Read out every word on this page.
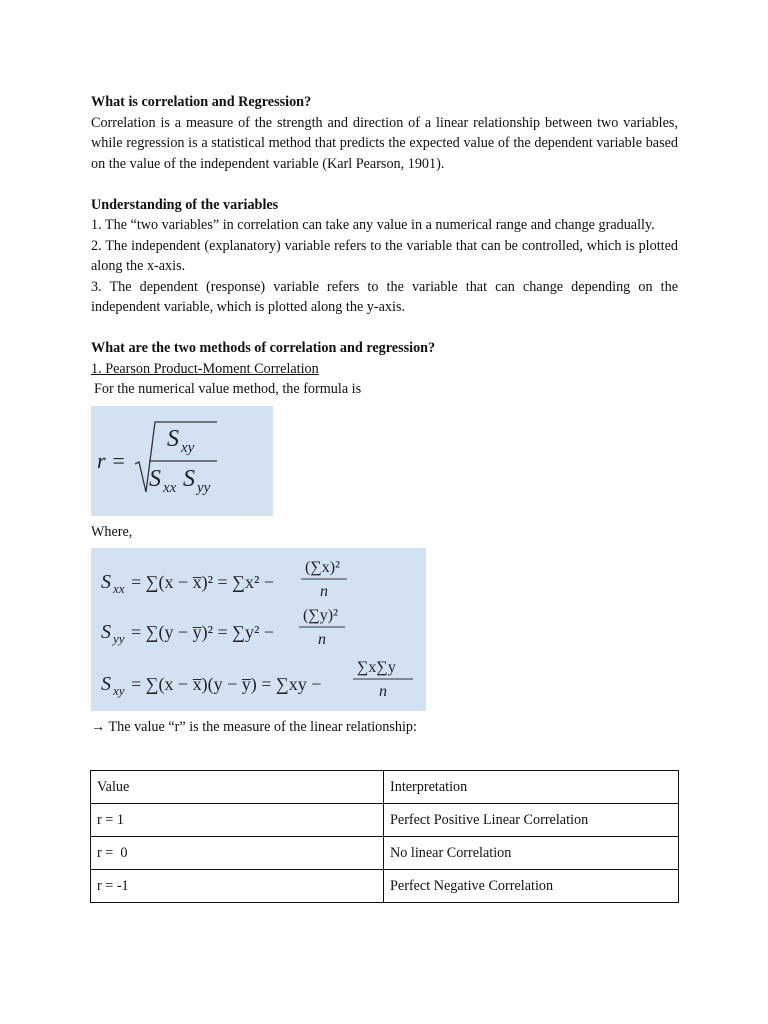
What is correlation and Regression?
Correlation is a measure of the strength and direction of a linear relationship between two variables, while regression is a statistical method that predicts the expected value of the dependent variable based on the value of the independent variable (Karl Pearson, 1901).
Understanding of the variables
1. The “two variables” in correlation can take any value in a numerical range and change gradually.
2. The independent (explanatory) variable refers to the variable that can be controlled, which is plotted along the x-axis.
3. The dependent (response) variable refers to the variable that can change depending on the independent variable, which is plotted along the y-axis.
What are the two methods of correlation and regression?
1. Pearson Product-Moment Correlation
For the numerical value method, the formula is
r =
S xy
S xx S yy
Where,
S xx = ∑(x − x̅)² = ∑x² −
(∑x)²
n
S yy = ∑(y − y̅)² = ∑y² −
(∑y)²
n
S xy = ∑(x − x̅)(y − y̅) = ∑xy −
∑x∑y
n
→ The value “r” is the measure of the linear relationship:
Value	Interpretation
r = 1	Perfect Positive Linear Correlation
r =  0	No linear Correlation
r = -1	Perfect Negative Correlation
